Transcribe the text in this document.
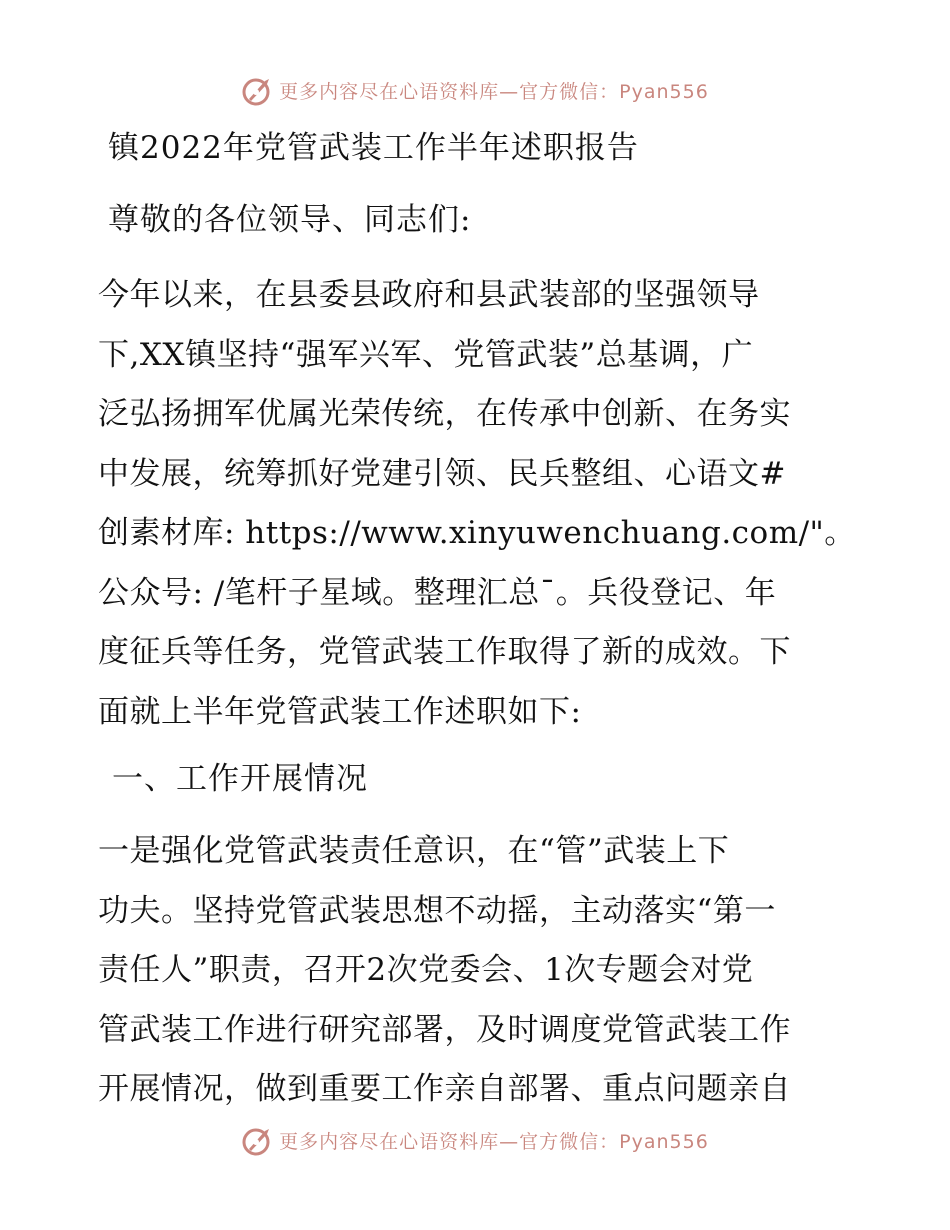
更多内容尽在心语资料库—官方微信：Pyan556
镇2022年党管武装工作半年述职报告
尊敬的各位领导、同志们:
今年以来，在县委县政府和县武装部的坚强领导
下,XX镇坚持“强军兴军、党管武装”总基调，广
泛弘扬拥军优属光荣传统，在传承中创新、在务实
中发展，统筹抓好党建引领、民兵整组、心语文#
创素材库: https://www.xinyuwenchuang.com/"。
公众号: /笔杆子星域。整理汇总¯。兵役登记、年
度征兵等任务，党管武装工作取得了新的成效。下
面就上半年党管武装工作述职如下:
一、工作开展情况
一是强化党管武装责任意识，在“管”武装上下
功夫。坚持党管武装思想不动摇，主动落实“第一
责任人”职责，召开2次党委会、1次专题会对党
管武装工作进行研究部署，及时调度党管武装工作
开展情况，做到重要工作亲自部署、重点问题亲自
更多内容尽在心语资料库—官方微信：Pyan556
